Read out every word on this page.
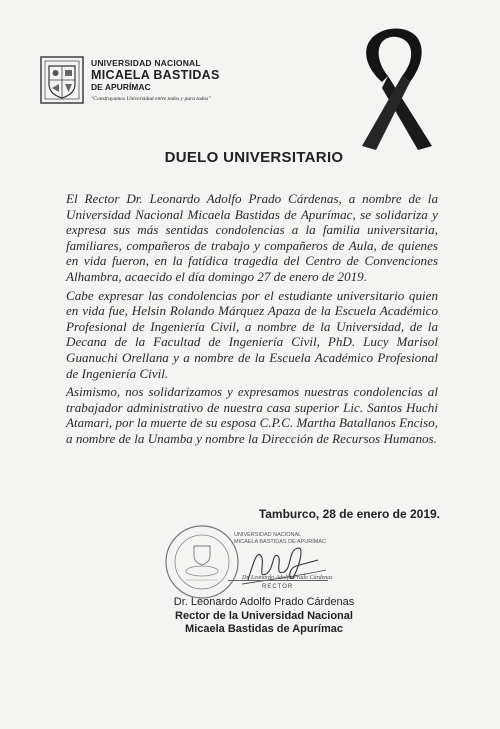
UNIVERSIDAD NACIONAL
MICAELA BASTIDAS
DE APURÍMAC
"Construyamos Universidad entre todos y para todos"
DUELO UNIVERSITARIO

El Rector Dr. Leonardo Adolfo Prado Cárdenas, a nombre de la Universidad Nacional Micaela Bastidas de Apurímac, se solidariza y expresa sus más sentidas condolencias a la familia universitaria, familiares, compañeros de trabajo y compañeros de Aula, de quienes en vida fueron, en la fatídica tragedia del Centro de Convenciones Alhambra, acaecido el día domingo 27 de enero de 2019.

Cabe expresar las condolencias por el estudiante universitario quien en vida fue, Helsin Rolando Márquez Apaza de la Escuela Académico Profesional de Ingeniería Civil, a nombre de la Universidad, de la Decana de la Facultad de Ingeniería Civil, PhD. Lucy Marisol Guanuchi Orellana y a nombre de la Escuela Académico Profesional de Ingeniería Civil.

Asimismo, nos solidarizamos y expresamos nuestras condolencias al trabajador administrativo de nuestra casa superior Lic. Santos Huchi Atamari, por la muerte de su esposa C.P.C. Martha Batallanos Enciso, a nombre de la Unamba y nombre la Dirección de Recursos Humanos.

Tamburco, 28 de enero de 2019.
UNIVERSIDAD NACIONAL
MICAELA BASTIDAS DE APURÍMAC
Dr. Leonardo Adolfo Prado Cárdenas
RECTOR
Dr. Leonardo Adolfo Prado Cárdenas
Rector de la Universidad Nacional
Micaela Bastidas de Apurímac
